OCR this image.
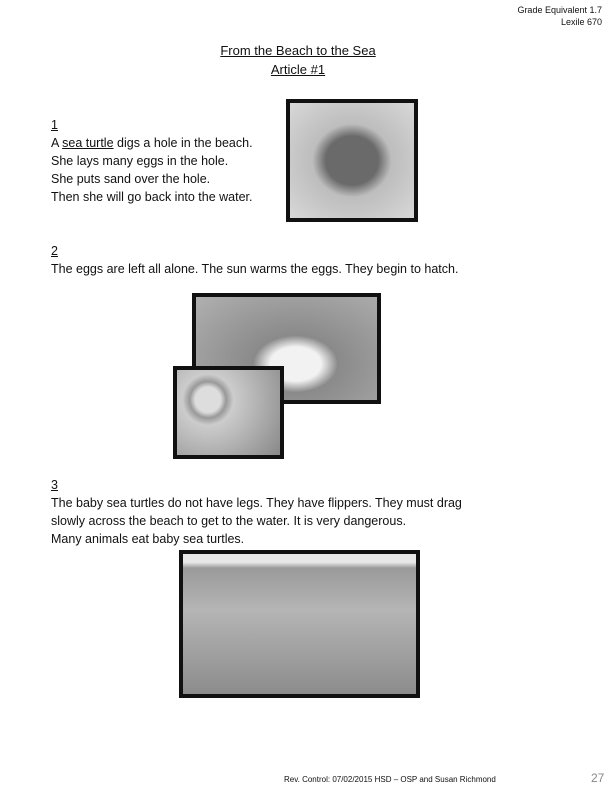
Grade Equivalent 1.7
Lexile 670
From the Beach to the Sea
Article #1
1
A sea turtle digs a hole in the beach.
She lays many eggs in the hole.
She puts sand over the hole.
Then she will go back into the water.
2
The eggs are left all alone. The sun warms the eggs. They begin to hatch.
3
The baby sea turtles do not have legs. They have flippers. They must drag
slowly across the beach to get to the water. It is very dangerous.
Many animals eat baby sea turtles.
Rev. Control: 07/02/2015 HSD – OSP and Susan Richmond	27
